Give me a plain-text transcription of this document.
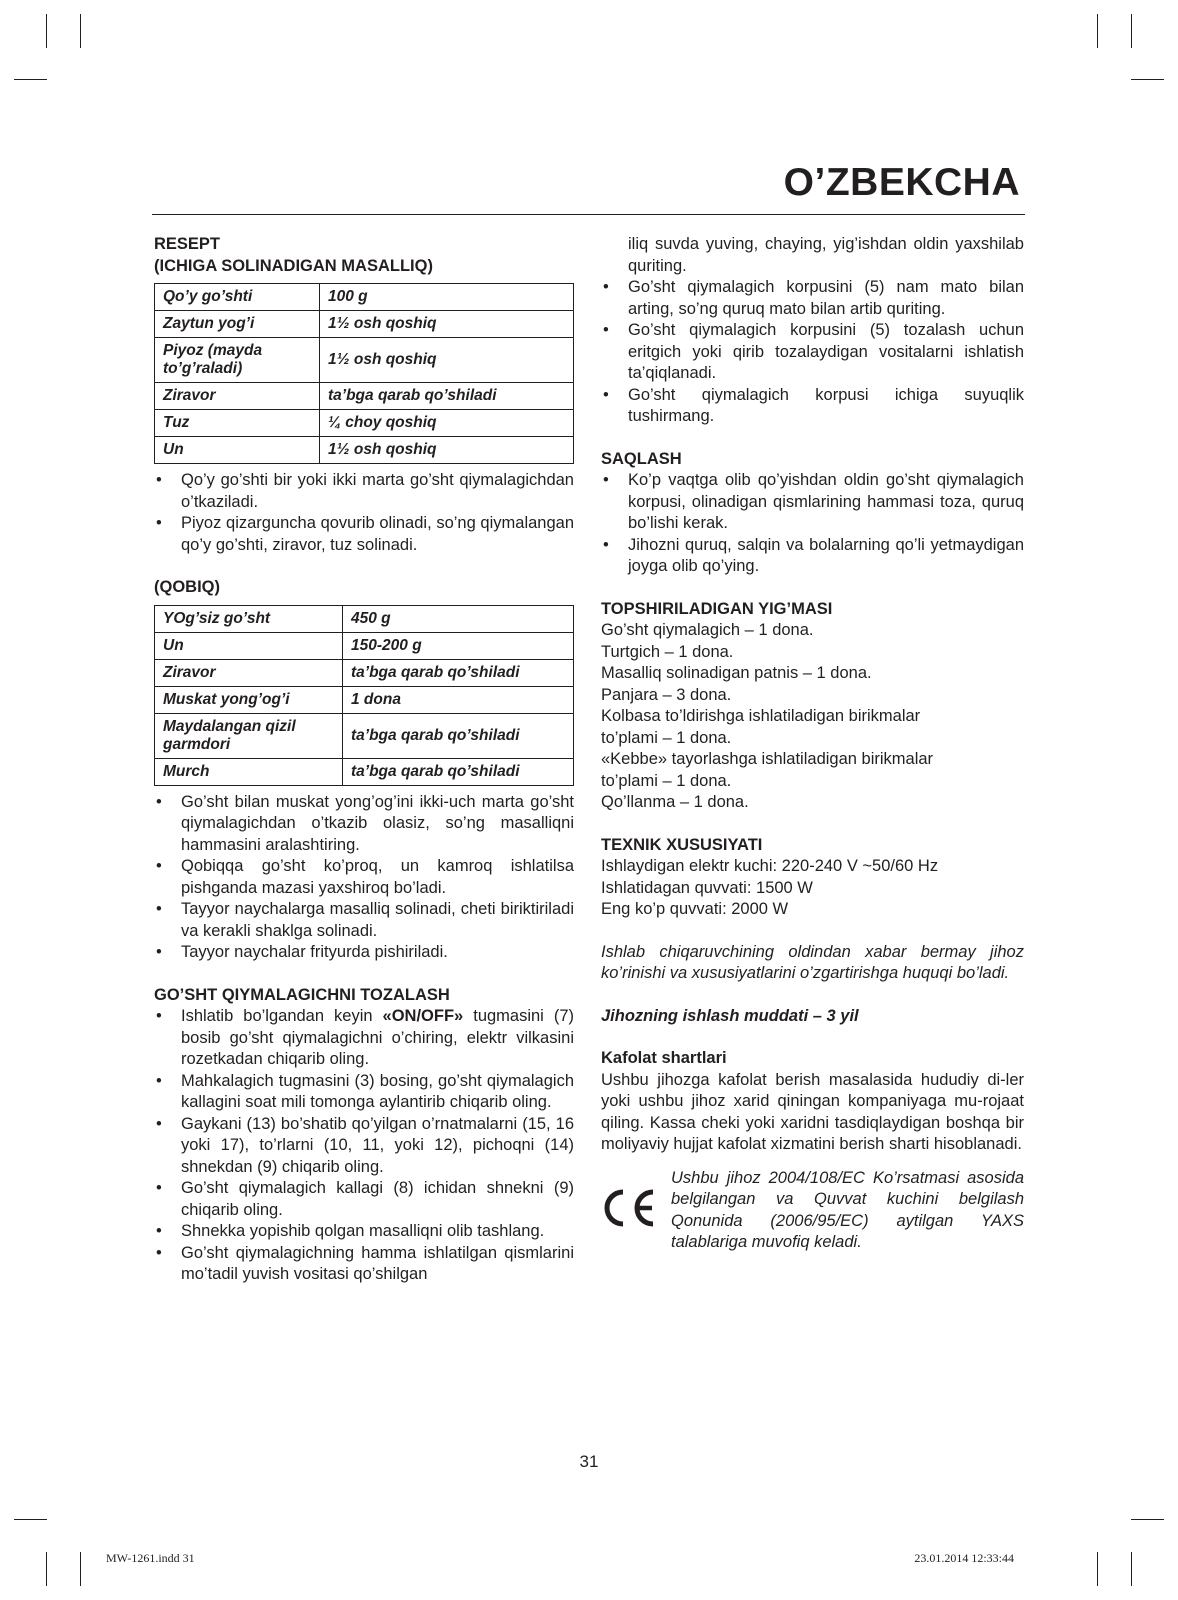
O’ZBEKCHA

RESEPT

(ICHIGA SOLINADIGAN MASALLIQ)

Qo’y go’shti	100 g
Zaytun yog’i	1½ osh qoshiq
Piyoz (mayda to’g’raladi)	1½ osh qoshiq
Ziravor	ta’bga qarab qo’shiladi
Tuz	¼ choy qoshiq
Un	1½ osh qoshiq
• Qo’y go’shti bir yoki ikki marta go’sht qiymalagichdan o’tkaziladi.
• Piyoz qizarguncha qovurib olinadi, so’ng qiymalangan qo’y go’shti, ziravor, tuz solinadi.

(QOBIQ)

YOg’siz go’sht	450 g
Un	150-200 g
Ziravor	ta’bga qarab qo’shiladi
Muskat yong’og’i	1 dona
Maydalangan qizil garmdori	ta’bga qarab qo’shiladi
Murch	ta’bga qarab qo’shiladi
• Go’sht bilan muskat yong’og’ini ikki-uch marta go’sht qiymalagichdan o’tkazib olasiz, so’ng masalliqni hammasini aralashtiring.
• Qobiqqa go’sht ko’proq, un kamroq ishlatilsa pishganda mazasi yaxshiroq bo’ladi.
• Tayyor naychalarga masalliq solinadi, cheti biriktiriladi va kerakli shaklga solinadi.
• Tayyor naychalar frityurda pishiriladi.

GO’SHT QIYMALAGICHNI TOZALASH

• Ishlatib bo’lgandan keyin «ON/OFF» tugmasini (7) bosib go’sht qiymalagichni o’chiring, elektr vilkasini rozetkadan chiqarib oling.
• Mahkalagich tugmasini (3) bosing, go’sht qiymalagich kallagini soat mili tomonga aylantirib chiqarib oling.
• Gaykani (13) bo’shatib qo’yilgan o’rnatmalarni (15, 16 yoki 17), to’rlarni (10, 11, yoki 12), pichoqni (14) shnekdan (9) chiqarib oling.
• Go’sht qiymalagich kallagi (8) ichidan shnekni (9) chiqarib oling.
• Shnekka yopishib qolgan masalliqni olib tashlang.
• Go’sht qiymalagichning hamma ishlatilgan qismlarini mo’tadil yuvish vositasi qo’shilgan
iliq suvda yuving, chaying, yig’ishdan oldin yaxshilab quriting.
• Go’sht qiymalagich korpusini (5) nam mato bilan arting, so’ng quruq mato bilan artib quriting.
• Go’sht qiymalagich korpusini (5) tozalash uchun eritgich yoki qirib tozalaydigan vositalarni ishlatish ta’qiqlanadi.
• Go’sht qiymalagich korpusi ichiga suyuqlik tushirmang.

SAQLASH

• Ko’p vaqtga olib qo’yishdan oldin go’sht qiymalagich korpusi, olinadigan qismlarining hammasi toza, quruq bo’lishi kerak.
• Jihozni quruq, salqin va bolalarning qo’li yetmaydigan joyga olib qo’ying.

TOPSHIRILADIGAN YIG’MASI

Go’sht qiymalagich – 1 dona.
Turtgich – 1 dona.
Masalliq solinadigan patnis – 1 dona.
Panjara – 3 dona.
Kolbasa to’ldirishga ishlatiladigan birikmalar
to’plami – 1 dona.
«Kebbe» tayorlashga ishlatiladigan birikmalar
to’plami – 1 dona.
Qo’llanma – 1 dona.

TEXNIK XUSUSIYATI

Ishlaydigan elektr kuchi: 220-240 V ~50/60 Hz
Ishlatidagan quvvati: 1500 W
Eng ko’p quvvati: 2000 W

Ishlab chiqaruvchining oldindan xabar bermay jihoz ko’rinishi va xususiyatlarini o’zgartirishga huquqi bo’ladi.

Jihozning ishlash muddati – 3 yil

Kafolat shartlari

Ushbu jihozga kafolat berish masalasida hududiy di-ler yoki ushbu jihoz xarid qiningan kompaniyaga mu-rojaat qiling. Kassa cheki yoki xaridni tasdiqlaydigan boshqa bir moliyaviy hujjat kafolat xizmatini berish sharti hisoblanadi.

Ushbu jihoz 2004/108/EC Ko’rsatmasi asosida belgilangan va Quvvat kuchini belgilash Qonunida (2006/95/EC) aytilgan YAXS talablariga muvofiq keladi.

31
MW-1261.indd 31	23.01.2014 12:33:44
